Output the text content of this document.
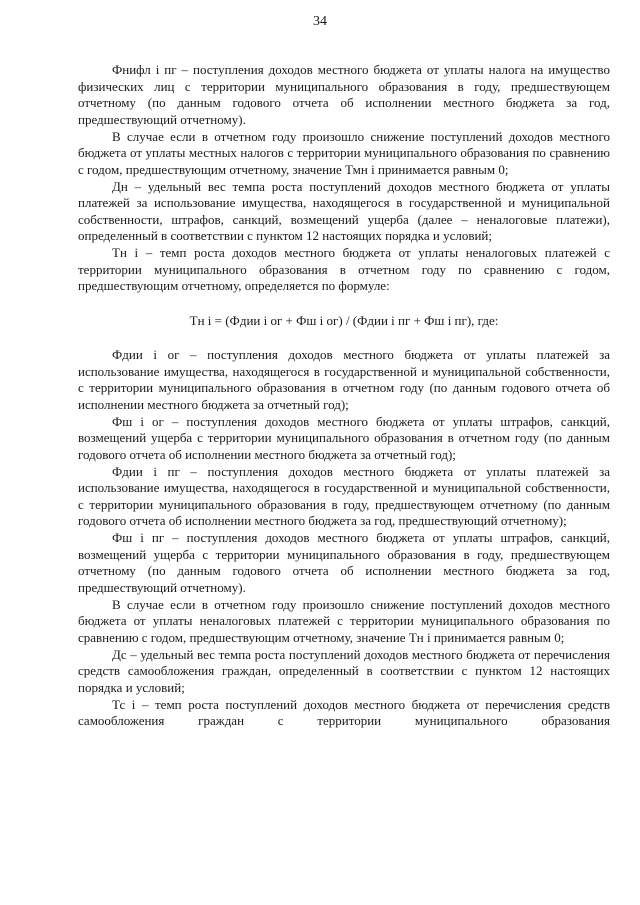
34

Фнифл i пг – поступления доходов местного бюджета от уплаты налога на имущество физических лиц с территории муниципального образования в году, предшествующем отчетному (по данным годового отчета об исполнении местного бюджета за год, предшествующий отчетному).

В случае если в отчетном году произошло снижение поступлений доходов местного бюджета от уплаты местных налогов с территории муниципального образования по сравнению с годом, предшествующим отчетному, значение Тмн i принимается равным 0;

Дн – удельный вес темпа роста поступлений доходов местного бюджета от уплаты платежей за использование имущества, находящегося в государственной и муниципальной собственности, штрафов, санкций, возмещений ущерба (далее – неналоговые платежи), определенный в соответствии с пунктом 12 настоящих порядка и условий;

Тн i – темп роста доходов местного бюджета от уплаты неналоговых платежей с территории муниципального образования в отчетном году по сравнению с годом, предшествующим отчетному, определяется по формуле:

Тн i = (Фдии i ог + Фш i ог) / (Фдии i пг + Фш i пг), где:

Фдии i ог – поступления доходов местного бюджета от уплаты платежей за использование имущества, находящегося в государственной и муниципальной собственности, с территории муниципального образования в отчетном году (по данным годового отчета об исполнении местного бюджета за отчетный год);

Фш i ог – поступления доходов местного бюджета от уплаты штрафов, санкций, возмещений ущерба с территории муниципального образования в отчетном году (по данным годового отчета об исполнении местного бюджета за отчетный год);

Фдии i пг – поступления доходов местного бюджета от уплаты платежей за использование имущества, находящегося в государственной и муниципальной собственности, с территории муниципального образования в году, предшествующем отчетному (по данным годового отчета об исполнении местного бюджета за год, предшествующий отчетному);

Фш i пг – поступления доходов местного бюджета от уплаты штрафов, санкций, возмещений ущерба с территории муниципального образования в году, предшествующем отчетному (по данным годового отчета об исполнении местного бюджета за год, предшествующий отчетному).

В случае если в отчетном году произошло снижение поступлений доходов местного бюджета от уплаты неналоговых платежей с территории муниципального образования по сравнению с годом, предшествующим отчетному, значение Тн i принимается равным 0;

Дс – удельный вес темпа роста поступлений доходов местного бюджета от перечисления средств самообложения граждан, определенный в соответствии с пунктом 12 настоящих порядка и условий;

Тс i – темп роста поступлений доходов местного бюджета от перечисления средств самообложения граждан с территории муниципального образования
